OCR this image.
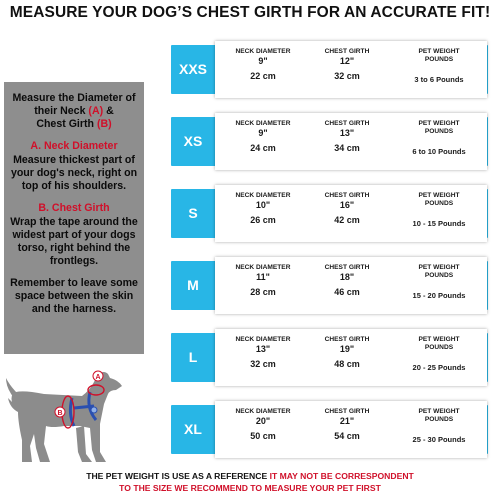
MEASURE YOUR DOG’S CHEST GIRTH FOR AN ACCURATE FIT!

Measure the Diameter of
their Neck (A) &
Chest Girth (B)

A. Neck Diameter

Measure thickest part of your dog's neck, right on top of his shoulders.

B. Chest Girth

Wrap the tape around the widest part of your dogs torso, right behind the frontlegs.

Remember to leave some space between the skin and the harness.

A
B
XXS
NECK DIAMETER
9"
22 cm
CHEST GIRTH
12"
32 cm
PET WEIGHT
POUNDS
3 to 6 Pounds
XS
NECK DIAMETER
9"
24 cm
CHEST GIRTH
13"
34 cm
PET WEIGHT
POUNDS
6 to 10 Pounds
S
NECK DIAMETER
10"
26 cm
CHEST GIRTH
16"
42 cm
PET WEIGHT
POUNDS
10 - 15 Pounds
M
NECK DIAMETER
11"
28 cm
CHEST GIRTH
18"
46 cm
PET WEIGHT
POUNDS
15 - 20 Pounds
L
NECK DIAMETER
13"
32 cm
CHEST GIRTH
19"
48 cm
PET WEIGHT
POUNDS
20 - 25 Pounds
XL
NECK DIAMETER
20"
50 cm
CHEST GIRTH
21"
54 cm
PET WEIGHT
POUNDS
25 - 30 Pounds
THE PET WEIGHT IS USE AS A REFERENCE IT MAY NOT BE CORRESPONDENT
TO THE SIZE WE RECOMMEND TO MEASURE YOUR PET FIRST
